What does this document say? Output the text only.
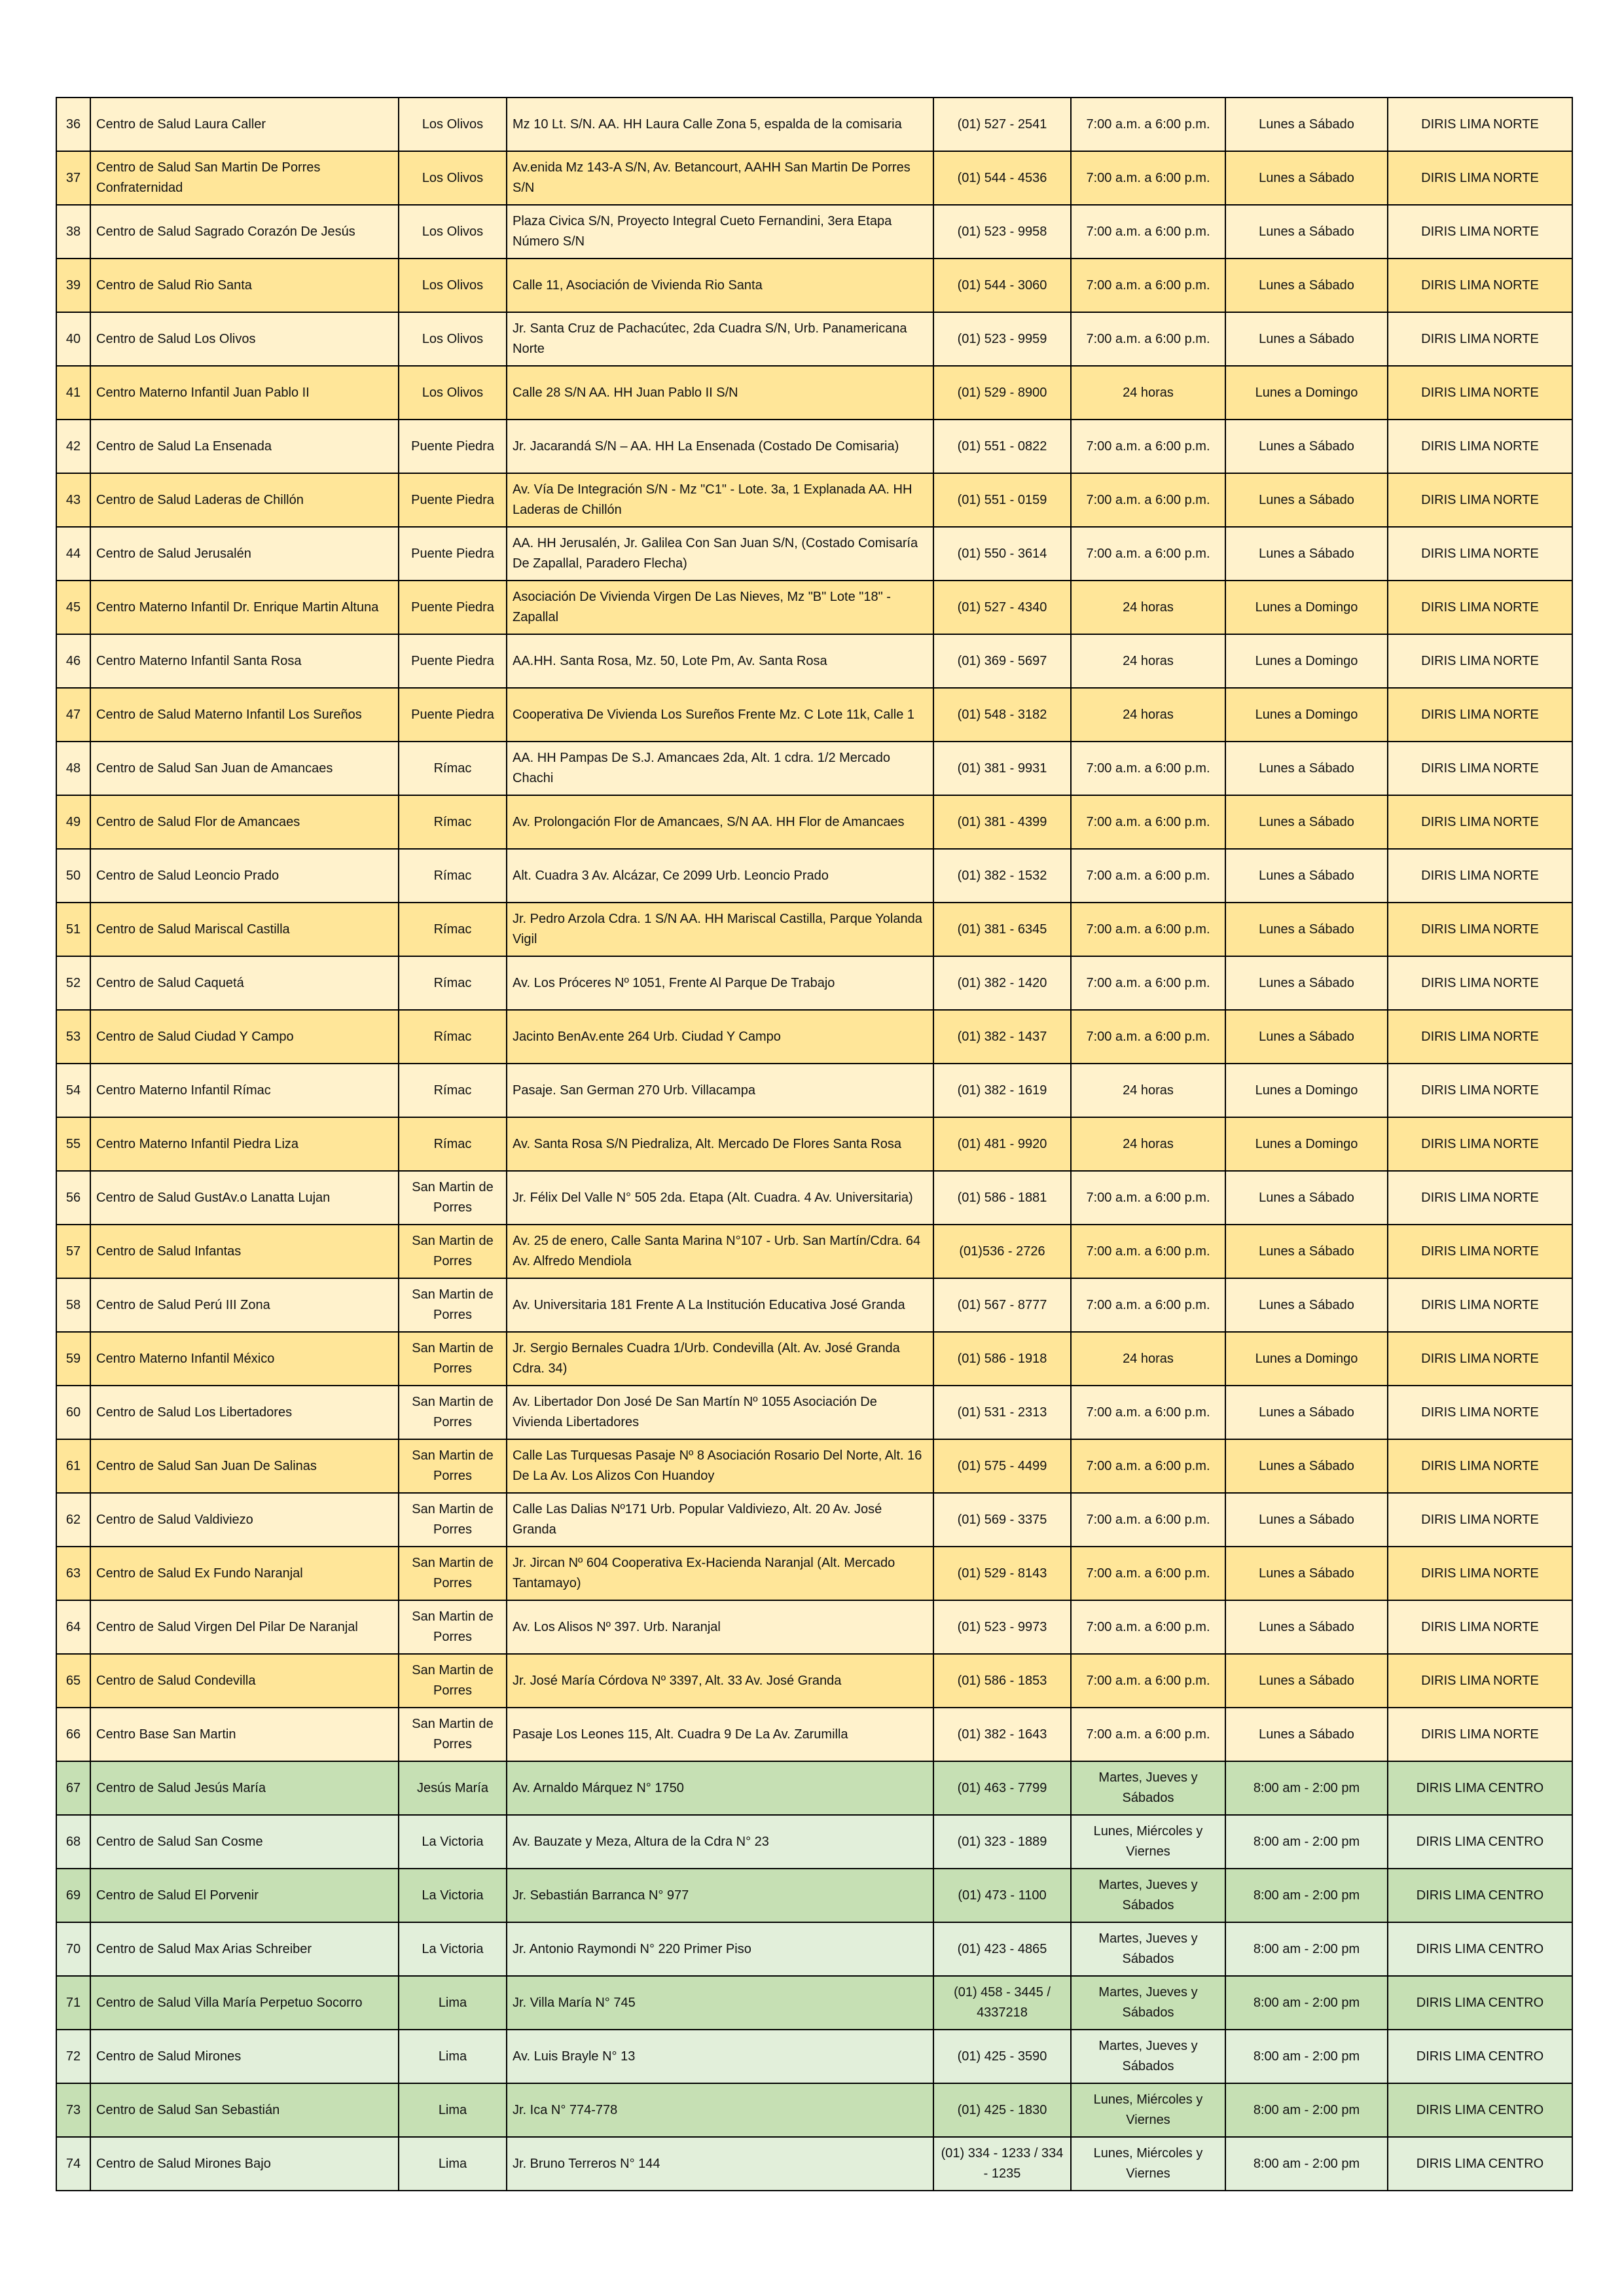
36	Centro de Salud Laura Caller	Los Olivos	Mz 10 Lt. S/N. AA. HH Laura Calle Zona 5, espalda de la comisaria	(01) 527 - 2541	7:00 a.m. a 6:00 p.m.	Lunes a Sábado	DIRIS LIMA NORTE
37	Centro de Salud San Martin De Porres Confraternidad	Los Olivos	Av.enida Mz 143-A S/N, Av. Betancourt, AAHH San Martin De Porres S/N	(01) 544 - 4536	7:00 a.m. a 6:00 p.m.	Lunes a Sábado	DIRIS LIMA NORTE
38	Centro de Salud Sagrado Corazón De Jesús	Los Olivos	Plaza Civica S/N, Proyecto Integral Cueto Fernandini, 3era Etapa Número S/N	(01) 523 - 9958	7:00 a.m. a 6:00 p.m.	Lunes a Sábado	DIRIS LIMA NORTE
39	Centro de Salud Rio Santa	Los Olivos	Calle 11, Asociación de Vivienda Rio Santa	(01) 544 - 3060	7:00 a.m. a 6:00 p.m.	Lunes a Sábado	DIRIS LIMA NORTE
40	Centro de Salud Los Olivos	Los Olivos	Jr. Santa Cruz de Pachacútec, 2da Cuadra S/N, Urb. Panamericana Norte	(01) 523 - 9959	7:00 a.m. a 6:00 p.m.	Lunes a Sábado	DIRIS LIMA NORTE
41	Centro Materno Infantil Juan Pablo II	Los Olivos	Calle 28 S/N AA. HH Juan Pablo II S/N	(01) 529 - 8900	24 horas	Lunes a Domingo	DIRIS LIMA NORTE
42	Centro de Salud La Ensenada	Puente Piedra	Jr. Jacarandá S/N – AA. HH La Ensenada (Costado De Comisaria)	(01) 551 - 0822	7:00 a.m. a 6:00 p.m.	Lunes a Sábado	DIRIS LIMA NORTE
43	Centro de Salud Laderas de Chillón	Puente Piedra	Av. Vía De Integración S/N - Mz "C1" - Lote. 3a, 1 Explanada AA. HH Laderas de Chillón	(01) 551 - 0159	7:00 a.m. a 6:00 p.m.	Lunes a Sábado	DIRIS LIMA NORTE
44	Centro de Salud Jerusalén	Puente Piedra	AA. HH Jerusalén, Jr. Galilea Con San Juan S/N, (Costado Comisaría De Zapallal, Paradero Flecha)	(01) 550 - 3614	7:00 a.m. a 6:00 p.m.	Lunes a Sábado	DIRIS LIMA NORTE
45	Centro Materno Infantil Dr. Enrique Martin Altuna	Puente Piedra	Asociación De Vivienda Virgen De Las Nieves, Mz "B" Lote "18" - Zapallal	(01) 527 - 4340	24 horas	Lunes a Domingo	DIRIS LIMA NORTE
46	Centro Materno Infantil Santa Rosa	Puente Piedra	AA.HH. Santa Rosa, Mz. 50, Lote Pm, Av. Santa Rosa	(01) 369 - 5697	24 horas	Lunes a Domingo	DIRIS LIMA NORTE
47	Centro de Salud Materno Infantil Los Sureños	Puente Piedra	Cooperativa De Vivienda Los Sureños Frente Mz. C Lote 11k, Calle 1	(01) 548 - 3182	24 horas	Lunes a Domingo	DIRIS LIMA NORTE
48	Centro de Salud San Juan de Amancaes	Rímac	AA. HH Pampas De S.J. Amancaes 2da, Alt. 1 cdra. 1/2 Mercado Chachi	(01) 381 - 9931	7:00 a.m. a 6:00 p.m.	Lunes a Sábado	DIRIS LIMA NORTE
49	Centro de Salud Flor de Amancaes	Rímac	Av. Prolongación Flor de Amancaes, S/N AA. HH Flor de Amancaes	(01) 381 - 4399	7:00 a.m. a 6:00 p.m.	Lunes a Sábado	DIRIS LIMA NORTE
50	Centro de Salud Leoncio Prado	Rímac	Alt. Cuadra 3 Av. Alcázar, Ce 2099 Urb. Leoncio Prado	(01) 382 - 1532	7:00 a.m. a 6:00 p.m.	Lunes a Sábado	DIRIS LIMA NORTE
51	Centro de Salud Mariscal Castilla	Rímac	Jr. Pedro Arzola Cdra. 1 S/N AA. HH Mariscal Castilla, Parque Yolanda Vigil	(01) 381 - 6345	7:00 a.m. a 6:00 p.m.	Lunes a Sábado	DIRIS LIMA NORTE
52	Centro de Salud Caquetá	Rímac	Av. Los Próceres Nº 1051, Frente Al Parque De Trabajo	(01) 382 - 1420	7:00 a.m. a 6:00 p.m.	Lunes a Sábado	DIRIS LIMA NORTE
53	Centro de Salud Ciudad Y Campo	Rímac	Jacinto BenAv.ente 264 Urb. Ciudad Y Campo	(01) 382 - 1437	7:00 a.m. a 6:00 p.m.	Lunes a Sábado	DIRIS LIMA NORTE
54	Centro Materno Infantil Rímac	Rímac	Pasaje. San German 270 Urb. Villacampa	(01) 382 - 1619	24 horas	Lunes a Domingo	DIRIS LIMA NORTE
55	Centro Materno Infantil Piedra Liza	Rímac	Av. Santa Rosa S/N Piedraliza, Alt. Mercado De Flores Santa Rosa	(01) 481 - 9920	24 horas	Lunes a Domingo	DIRIS LIMA NORTE
56	Centro de Salud GustAv.o Lanatta Lujan	San Martin de Porres	Jr. Félix Del Valle N° 505 2da. Etapa (Alt. Cuadra. 4 Av. Universitaria)	(01) 586 - 1881	7:00 a.m. a 6:00 p.m.	Lunes a Sábado	DIRIS LIMA NORTE
57	Centro de Salud Infantas	San Martin de Porres	Av. 25 de enero, Calle Santa Marina N°107 - Urb. San Martín/Cdra. 64 Av. Alfredo Mendiola	(01)536 - 2726	7:00 a.m. a 6:00 p.m.	Lunes a Sábado	DIRIS LIMA NORTE
58	Centro de Salud Perú III Zona	San Martin de Porres	Av. Universitaria 181 Frente A La Institución Educativa José Granda	(01) 567 - 8777	7:00 a.m. a 6:00 p.m.	Lunes a Sábado	DIRIS LIMA NORTE
59	Centro Materno Infantil México	San Martin de Porres	Jr. Sergio Bernales Cuadra 1/Urb. Condevilla (Alt. Av. José Granda Cdra. 34)	(01) 586 - 1918	24 horas	Lunes a Domingo	DIRIS LIMA NORTE
60	Centro de Salud Los Libertadores	San Martin de Porres	Av. Libertador Don José De San Martín Nº 1055 Asociación De Vivienda Libertadores	(01) 531 - 2313	7:00 a.m. a 6:00 p.m.	Lunes a Sábado	DIRIS LIMA NORTE
61	Centro de Salud San Juan De Salinas	San Martin de Porres	Calle Las Turquesas Pasaje Nº 8 Asociación Rosario Del Norte, Alt. 16 De La Av. Los Alizos Con Huandoy	(01) 575 - 4499	7:00 a.m. a 6:00 p.m.	Lunes a Sábado	DIRIS LIMA NORTE
62	Centro de Salud Valdiviezo	San Martin de Porres	Calle Las Dalias Nº171 Urb. Popular Valdiviezo, Alt. 20 Av. José Granda	(01) 569 - 3375	7:00 a.m. a 6:00 p.m.	Lunes a Sábado	DIRIS LIMA NORTE
63	Centro de Salud Ex Fundo Naranjal	San Martin de Porres	Jr. Jircan Nº 604 Cooperativa Ex-Hacienda Naranjal (Alt. Mercado Tantamayo)	(01) 529 - 8143	7:00 a.m. a 6:00 p.m.	Lunes a Sábado	DIRIS LIMA NORTE
64	Centro de Salud Virgen Del Pilar De Naranjal	San Martin de Porres	Av. Los Alisos Nº 397. Urb. Naranjal	(01) 523 - 9973	7:00 a.m. a 6:00 p.m.	Lunes a Sábado	DIRIS LIMA NORTE
65	Centro de Salud Condevilla	San Martin de Porres	Jr. José María Córdova Nº 3397, Alt. 33 Av. José Granda	(01) 586 - 1853	7:00 a.m. a 6:00 p.m.	Lunes a Sábado	DIRIS LIMA NORTE
66	Centro Base San Martin	San Martin de Porres	Pasaje Los Leones 115, Alt. Cuadra 9 De La Av. Zarumilla	(01) 382 - 1643	7:00 a.m. a 6:00 p.m.	Lunes a Sábado	DIRIS LIMA NORTE
67	Centro de Salud Jesús María	Jesús María	Av. Arnaldo Márquez N° 1750	(01) 463 - 7799	Martes, Jueves y Sábados	8:00 am - 2:00 pm	DIRIS LIMA CENTRO
68	Centro de Salud San Cosme	La Victoria	Av. Bauzate y Meza, Altura de la Cdra N° 23	(01) 323 - 1889	Lunes, Miércoles y Viernes	8:00 am - 2:00 pm	DIRIS LIMA CENTRO
69	Centro de Salud El Porvenir	La Victoria	Jr. Sebastián Barranca N° 977	(01) 473 - 1100	Martes, Jueves y Sábados	8:00 am - 2:00 pm	DIRIS LIMA CENTRO
70	Centro de Salud Max Arias Schreiber	La Victoria	Jr. Antonio Raymondi N° 220 Primer Piso	(01) 423 - 4865	Martes, Jueves y Sábados	8:00 am - 2:00 pm	DIRIS LIMA CENTRO
71	Centro de Salud Villa María Perpetuo Socorro	Lima	Jr. Villa María N° 745	(01) 458 - 3445 / 4337218	Martes, Jueves y Sábados	8:00 am - 2:00 pm	DIRIS LIMA CENTRO
72	Centro de Salud Mirones	Lima	Av. Luis Brayle N° 13	(01) 425 - 3590	Martes, Jueves y Sábados	8:00 am - 2:00 pm	DIRIS LIMA CENTRO
73	Centro de Salud San Sebastián	Lima	Jr. Ica N° 774-778	(01) 425 - 1830	Lunes, Miércoles y Viernes	8:00 am - 2:00 pm	DIRIS LIMA CENTRO
74	Centro de Salud Mirones Bajo	Lima	Jr. Bruno Terreros N° 144	(01) 334 - 1233 / 334 - 1235	Lunes, Miércoles y Viernes	8:00 am - 2:00 pm	DIRIS LIMA CENTRO
